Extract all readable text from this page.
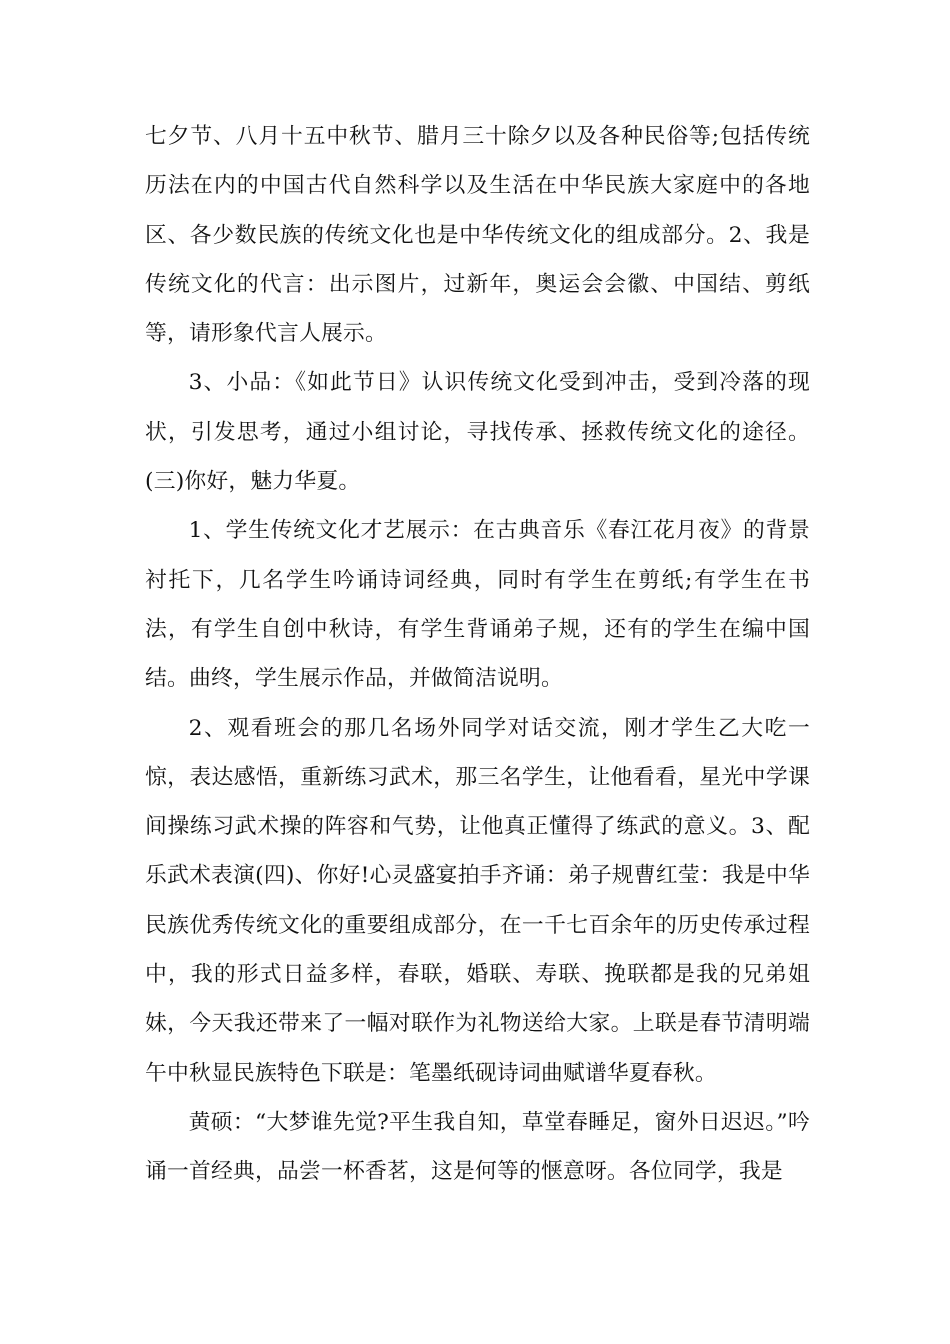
七夕节、八月十五中秋节、腊月三十除夕以及各种民俗等;包括传统历法在内的中国古代自然科学以及生活在中华民族大家庭中的各地区、各少数民族的传统文化也是中华传统文化的组成部分。2、我是传统文化的代言：出示图片，过新年，奥运会会徽、中国结、剪纸等，请形象代言人展示。

3、小品：《如此节日》认识传统文化受到冲击，受到冷落的现状，引发思考，通过小组讨论，寻找传承、拯救传统文化的途径。(三)你好，魅力华夏。

1、学生传统文化才艺展示：在古典音乐《春江花月夜》的背景衬托下，几名学生吟诵诗词经典，同时有学生在剪纸;有学生在书法，有学生自创中秋诗，有学生背诵弟子规，还有的学生在编中国结。曲终，学生展示作品，并做简洁说明。

2、观看班会的那几名场外同学对话交流，刚才学生乙大吃一惊，表达感悟，重新练习武术，那三名学生，让他看看，星光中学课间操练习武术操的阵容和气势，让他真正懂得了练武的意义。3、配乐武术表演(四)、你好!心灵盛宴拍手齐诵：弟子规曹红莹：我是中华民族优秀传统文化的重要组成部分，在一千七百余年的历史传承过程中，我的形式日益多样，春联，婚联、寿联、挽联都是我的兄弟姐妹，今天我还带来了一幅对联作为礼物送给大家。上联是春节清明端午中秋显民族特色下联是：笔墨纸砚诗词曲赋谱华夏春秋。

黄硕：“大梦谁先觉?平生我自知，草堂春睡足，窗外日迟迟。”吟诵一首经典，品尝一杯香茗，这是何等的惬意呀。各位同学，我是
